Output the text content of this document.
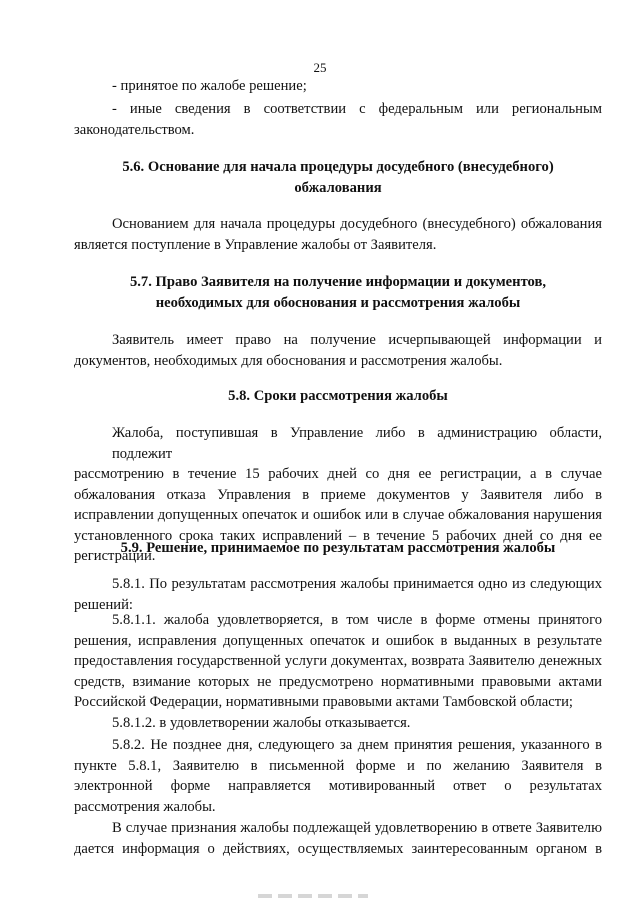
25
- принятое по жалобе решение;
- иные сведения в соответствии с федеральным или региональным
законодательством.
5.6. Основание для начала процедуры досудебного (внесудебного)
обжалования
Основанием для начала процедуры досудебного (внесудебного) обжалования
является поступление в Управление жалобы от Заявителя.
5.7. Право Заявителя на получение информации и документов,
необходимых для обоснования и рассмотрения жалобы
Заявитель имеет право на получение исчерпывающей информации и
документов, необходимых для обоснования и рассмотрения жалобы.
5.8. Сроки рассмотрения жалобы
Жалоба, поступившая в Управление либо в администрацию области, подлежит
рассмотрению в течение 15 рабочих дней со дня ее регистрации, а в случае
обжалования отказа Управления в приеме документов у Заявителя либо в
исправлении допущенных опечаток и ошибок или в случае обжалования нарушения
установленного срока таких исправлений – в течение 5 рабочих дней со дня ее
регистрации.
5.9. Решение, принимаемое по результатам рассмотрения жалобы
5.8.1. По результатам рассмотрения жалобы принимается одно из следующих
решений:
5.8.1.1. жалоба удовлетворяется, в том числе в форме отмены принятого
решения, исправления допущенных опечаток и ошибок в выданных в результате
предоставления государственной услуги документах, возврата Заявителю денежных
средств, взимание которых не предусмотрено нормативными правовыми актами
Российской Федерации, нормативными правовыми актами Тамбовской области;
5.8.1.2. в удовлетворении жалобы отказывается.
5.8.2. Не позднее дня, следующего за днем принятия решения, указанного в
пункте 5.8.1, Заявителю в письменной форме и по желанию Заявителя в
электронной форме направляется мотивированный ответ о результатах
рассмотрения жалобы.
В случае признания жалобы подлежащей удовлетворению в ответе Заявителю
дается информация о действиях, осуществляемых заинтересованным органом в
